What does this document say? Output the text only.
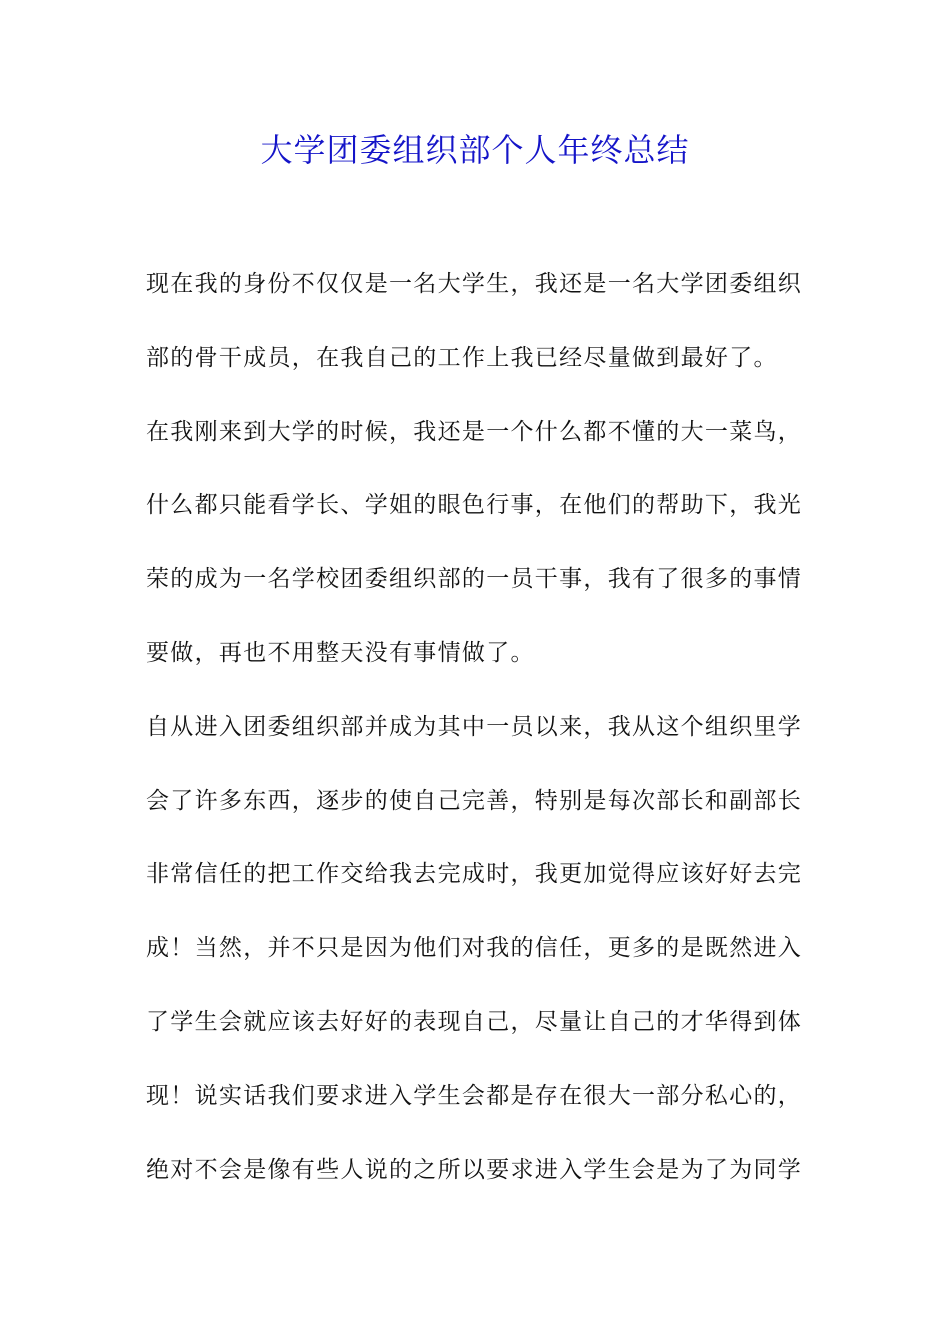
大学团委组织部个人年终总结
现在我的身份不仅仅是一名大学生，我还是一名大学团委组织
部的骨干成员，在我自己的工作上我已经尽量做到最好了。
在我刚来到大学的时候，我还是一个什么都不懂的大一菜鸟，
什么都只能看学长、学姐的眼色行事，在他们的帮助下，我光
荣的成为一名学校团委组织部的一员干事，我有了很多的事情
要做，再也不用整天没有事情做了。
自从进入团委组织部并成为其中一员以来，我从这个组织里学
会了许多东西，逐步的使自己完善，特别是每次部长和副部长
非常信任的把工作交给我去完成时，我更加觉得应该好好去完
成！当然，并不只是因为他们对我的信任，更多的是既然进入
了学生会就应该去好好的表现自己，尽量让自己的才华得到体
现！说实话我们要求进入学生会都是存在很大一部分私心的，
绝对不会是像有些人说的之所以要求进入学生会是为了为同学
